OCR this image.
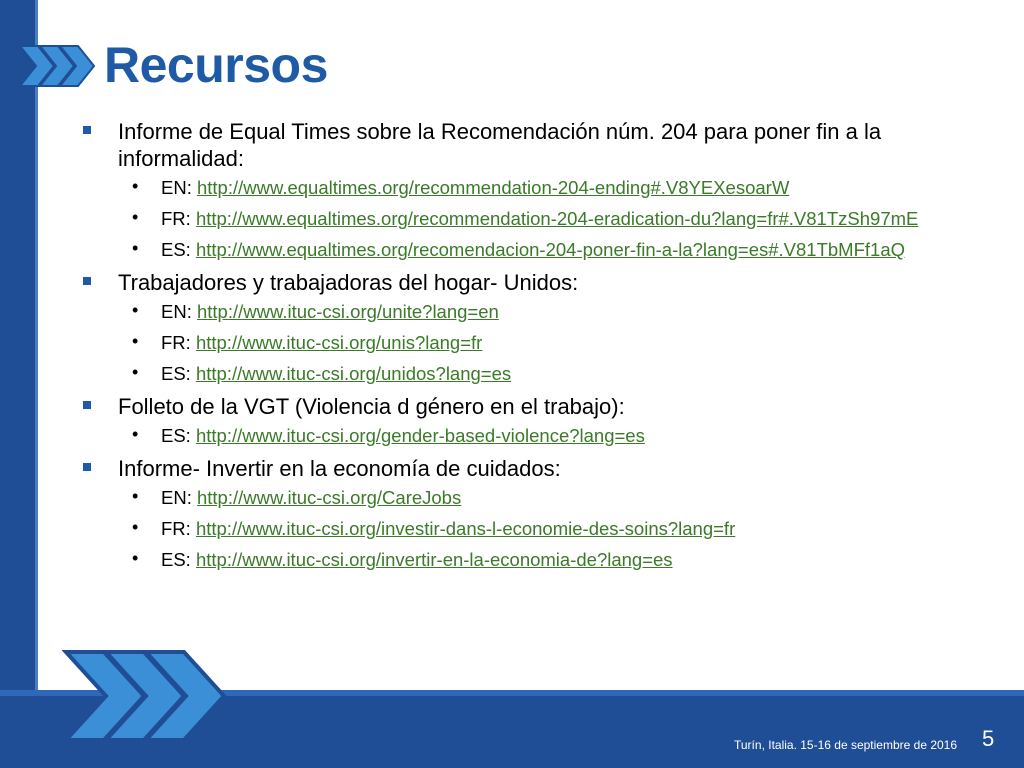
Recursos
Informe de Equal Times sobre la Recomendación núm. 204 para poner fin a la informalidad:
• EN: http://www.equaltimes.org/recommendation-204-ending#.V8YEXesoarW
• FR: http://www.equaltimes.org/recommendation-204-eradication-du?lang=fr#.V81TzSh97mE
• ES: http://www.equaltimes.org/recomendacion-204-poner-fin-a-la?lang=es#.V81TbMFf1aQ
Trabajadores y trabajadoras del hogar- Unidos:
• EN: http://www.ituc-csi.org/unite?lang=en
• FR: http://www.ituc-csi.org/unis?lang=fr
• ES: http://www.ituc-csi.org/unidos?lang=es
Folleto de la VGT (Violencia d género en el trabajo):
• ES: http://www.ituc-csi.org/gender-based-violence?lang=es
Informe- Invertir en la economía de cuidados:
• EN: http://www.ituc-csi.org/CareJobs
• FR: http://www.ituc-csi.org/investir-dans-l-economie-des-soins?lang=fr
• ES: http://www.ituc-csi.org/invertir-en-la-economia-de?lang=es
Turín, Italia. 15-16 de septiembre de 2016 5
